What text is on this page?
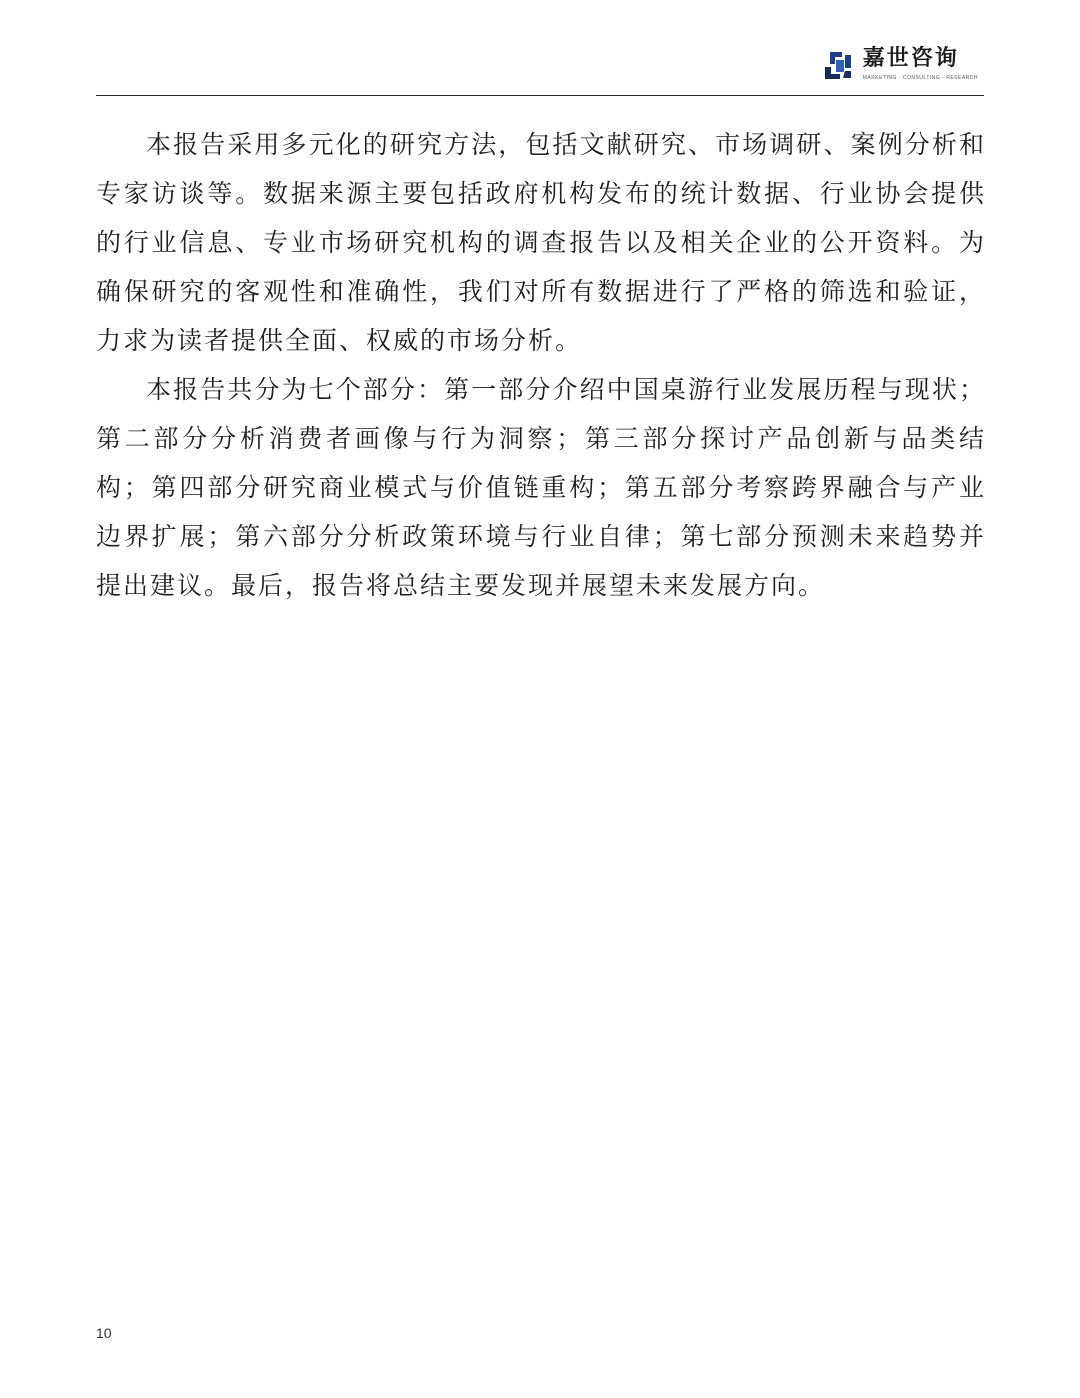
嘉世咨询
MARKETING · CONSULTING · RESEARCH

本报告采用多元化的研究方法，包括文献研究、市场调研、案例分析和专家访谈等。数据来源主要包括政府机构发布的统计数据、行业协会提供的行业信息、专业市场研究机构的调查报告以及相关企业的公开资料。为确保研究的客观性和准确性，我们对所有数据进行了严格的筛选和验证，力求为读者提供全面、权威的市场分析。

本报告共分为七个部分：第一部分介绍中国桌游行业发展历程与现状；第二部分分析消费者画像与行为洞察；第三部分探讨产品创新与品类结构；第四部分研究商业模式与价值链重构；第五部分考察跨界融合与产业边界扩展；第六部分分析政策环境与行业自律；第七部分预测未来趋势并提出建议。最后，报告将总结主要发现并展望未来发展方向。

10
